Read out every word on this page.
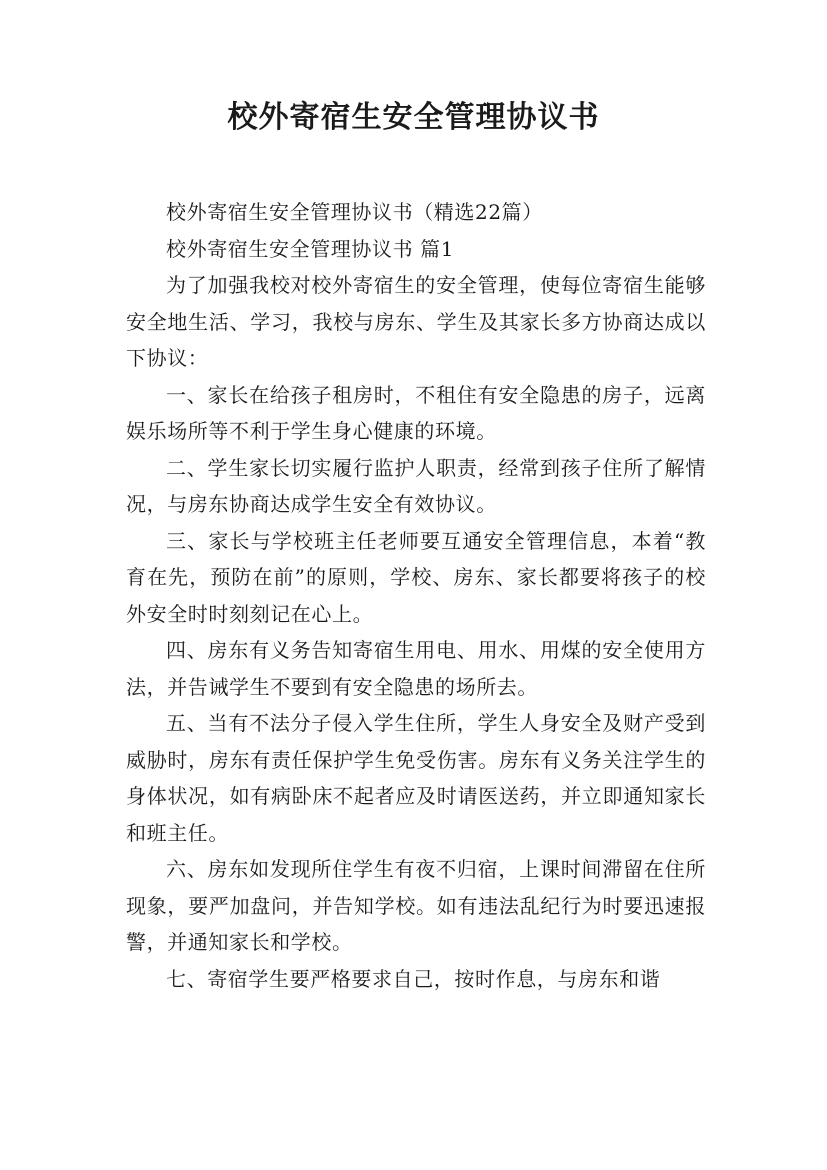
校外寄宿生安全管理协议书

校外寄宿生安全管理协议书（精选22篇）

校外寄宿生安全管理协议书 篇1

为了加强我校对校外寄宿生的安全管理，使每位寄宿生能够安全地生活、学习，我校与房东、学生及其家长多方协商达成以下协议：

一、家长在给孩子租房时，不租住有安全隐患的房子，远离娱乐场所等不利于学生身心健康的环境。

二、学生家长切实履行监护人职责，经常到孩子住所了解情况，与房东协商达成学生安全有效协议。

三、家长与学校班主任老师要互通安全管理信息，本着“教育在先，预防在前”的原则，学校、房东、家长都要将孩子的校外安全时时刻刻记在心上。

四、房东有义务告知寄宿生用电、用水、用煤的安全使用方法，并告诫学生不要到有安全隐患的场所去。

五、当有不法分子侵入学生住所，学生人身安全及财产受到威胁时，房东有责任保护学生免受伤害。房东有义务关注学生的身体状况，如有病卧床不起者应及时请医送药，并立即通知家长和班主任。

六、房东如发现所住学生有夜不归宿，上课时间滞留在住所现象，要严加盘问，并告知学校。如有违法乱纪行为时要迅速报警，并通知家长和学校。

七、寄宿学生要严格要求自己，按时作息，与房东和谐
